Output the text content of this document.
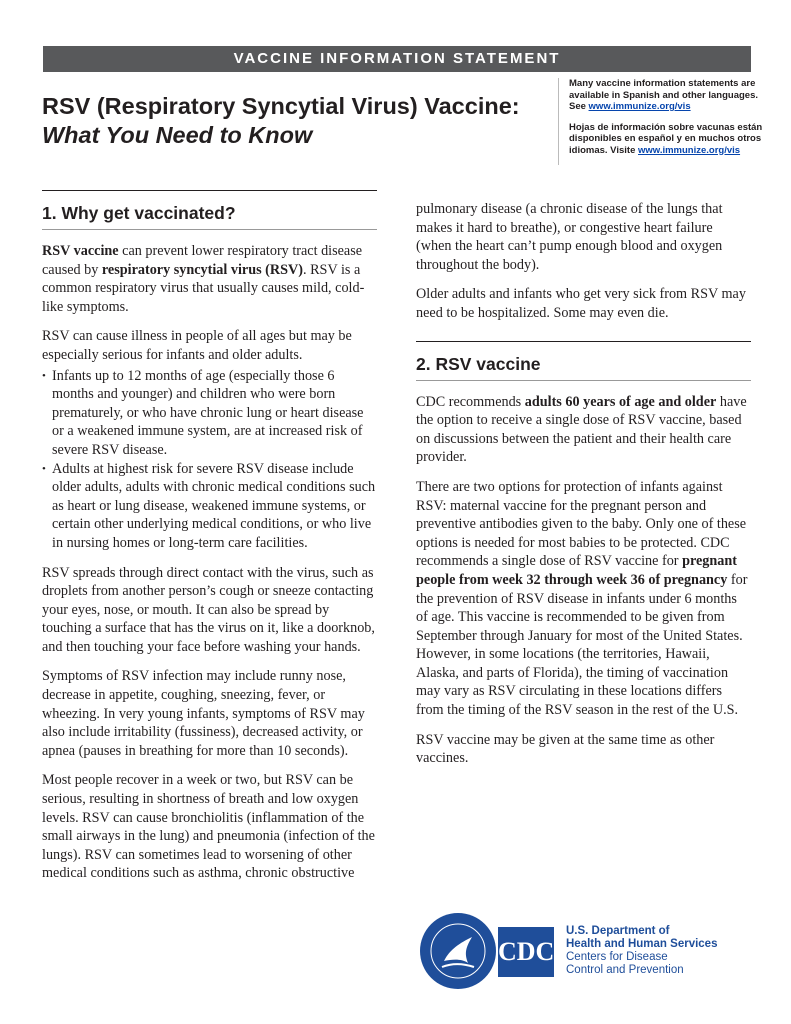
VACCINE INFORMATION STATEMENT
RSV (Respiratory Syncytial Virus) Vaccine:
What You Need to Know

Many vaccine information statements are available in Spanish and other languages. See www.immunize.org/vis

Hojas de información sobre vacunas están disponibles en español y en muchos otros idiomas. Visite www.immunize.org/vis

1. Why get vaccinated?

RSV vaccine can prevent lower respiratory tract disease caused by respiratory syncytial virus (RSV). RSV is a common respiratory virus that usually causes mild, cold-like symptoms.

RSV can cause illness in people of all ages but may be especially serious for infants and older adults.

• Infants up to 12 months of age (especially those 6 months and younger) and children who were born prematurely, or who have chronic lung or heart disease or a weakened immune system, are at increased risk of severe RSV disease.
• Adults at highest risk for severe RSV disease include older adults, adults with chronic medical conditions such as heart or lung disease, weakened immune systems, or certain other underlying medical conditions, or who live in nursing homes or long-term care facilities.

RSV spreads through direct contact with the virus, such as droplets from another person’s cough or sneeze contacting your eyes, nose, or mouth. It can also be spread by touching a surface that has the virus on it, like a doorknob, and then touching your face before washing your hands.

Symptoms of RSV infection may include runny nose, decrease in appetite, coughing, sneezing, fever, or wheezing. In very young infants, symptoms of RSV may also include irritability (fussiness), decreased activity, or apnea (pauses in breathing for more than 10 seconds).

Most people recover in a week or two, but RSV can be serious, resulting in shortness of breath and low oxygen levels. RSV can cause bronchiolitis (inflammation of the small airways in the lung) and pneumonia (infection of the lungs). RSV can sometimes lead to worsening of other medical conditions such as asthma, chronic obstructive

pulmonary disease (a chronic disease of the lungs that makes it hard to breathe), or congestive heart failure (when the heart can’t pump enough blood and oxygen throughout the body).

Older adults and infants who get very sick from RSV may need to be hospitalized. Some may even die.

2. RSV vaccine

CDC recommends adults 60 years of age and older have the option to receive a single dose of RSV vaccine, based on discussions between the patient and their health care provider.

There are two options for protection of infants against RSV: maternal vaccine for the pregnant person and preventive antibodies given to the baby. Only one of these options is needed for most babies to be protected. CDC recommends a single dose of RSV vaccine for pregnant people from week 32 through week 36 of pregnancy for the prevention of RSV disease in infants under 6 months of age. This vaccine is recommended to be given from September through January for most of the United States. However, in some locations (the territories, Hawaii, Alaska, and parts of Florida), the timing of vaccination may vary as RSV circulating in these locations differs from the timing of the RSV season in the rest of the U.S.

RSV vaccine may be given at the same time as other vaccines.

CDC
U.S. Department of
Health and Human Services
Centers for Disease
Control and Prevention
